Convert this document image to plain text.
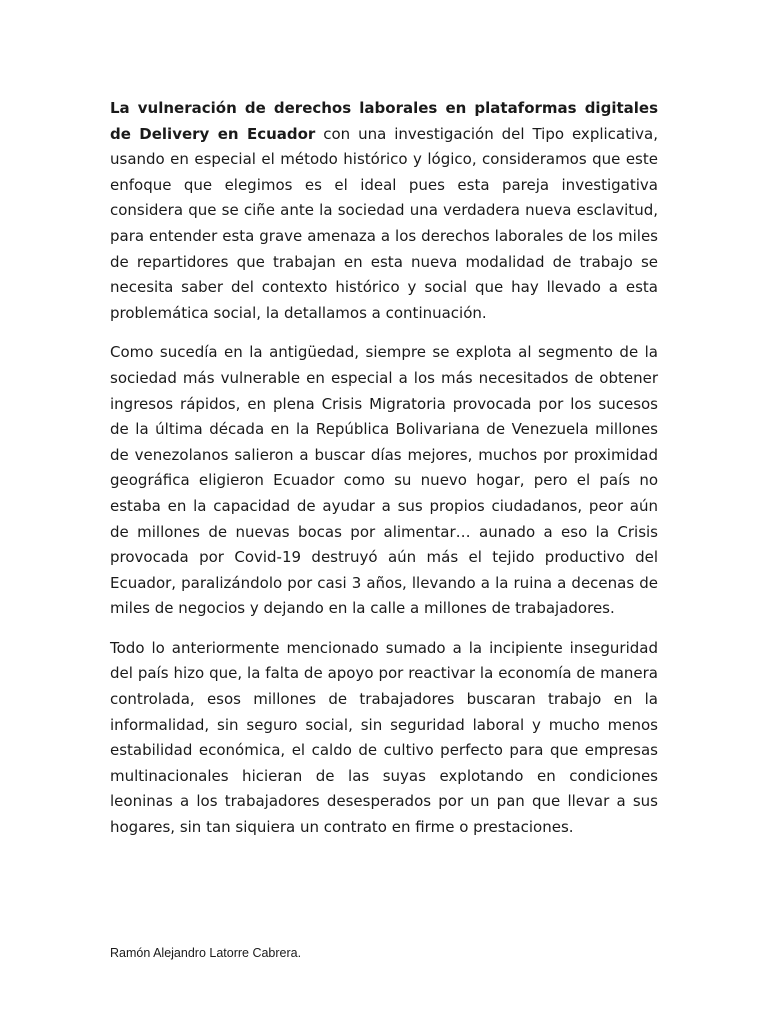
La vulneración de derechos laborales en plataformas digitales de Delivery en Ecuador con una investigación del Tipo explicativa, usando en especial el método histórico y lógico, consideramos que este enfoque que elegimos es el ideal pues esta pareja investigativa considera que se ciñe ante la sociedad una verdadera nueva esclavitud, para entender esta grave amenaza a los derechos laborales de los miles de repartidores que trabajan en esta nueva modalidad de trabajo se necesita saber del contexto histórico y social que hay llevado a esta problemática social, la detallamos a continuación.

Como sucedía en la antigüedad, siempre se explota al segmento de la sociedad más vulnerable en especial a los más necesitados de obtener ingresos rápidos, en plena Crisis Migratoria provocada por los sucesos de la última década en la República Bolivariana de Venezuela millones de venezolanos salieron a buscar días mejores, muchos por proximidad geográfica eligieron Ecuador como su nuevo hogar, pero el país no estaba en la capacidad de ayudar a sus propios ciudadanos, peor aún de millones de nuevas bocas por alimentar… aunado a eso la Crisis provocada por Covid-19 destruyó aún más el tejido productivo del Ecuador, paralizándolo por casi 3 años, llevando a la ruina a decenas de miles de negocios y dejando en la calle a millones de trabajadores.

Todo lo anteriormente mencionado sumado a la incipiente inseguridad del país hizo que, la falta de apoyo por reactivar la economía de manera controlada, esos millones de trabajadores buscaran trabajo en la informalidad, sin seguro social, sin seguridad laboral y mucho menos estabilidad económica, el caldo de cultivo perfecto para que empresas multinacionales hicieran de las suyas explotando en condiciones leoninas a los trabajadores desesperados por un pan que llevar a sus hogares, sin tan siquiera un contrato en firme o prestaciones.

Ramón Alejandro Latorre Cabrera.
